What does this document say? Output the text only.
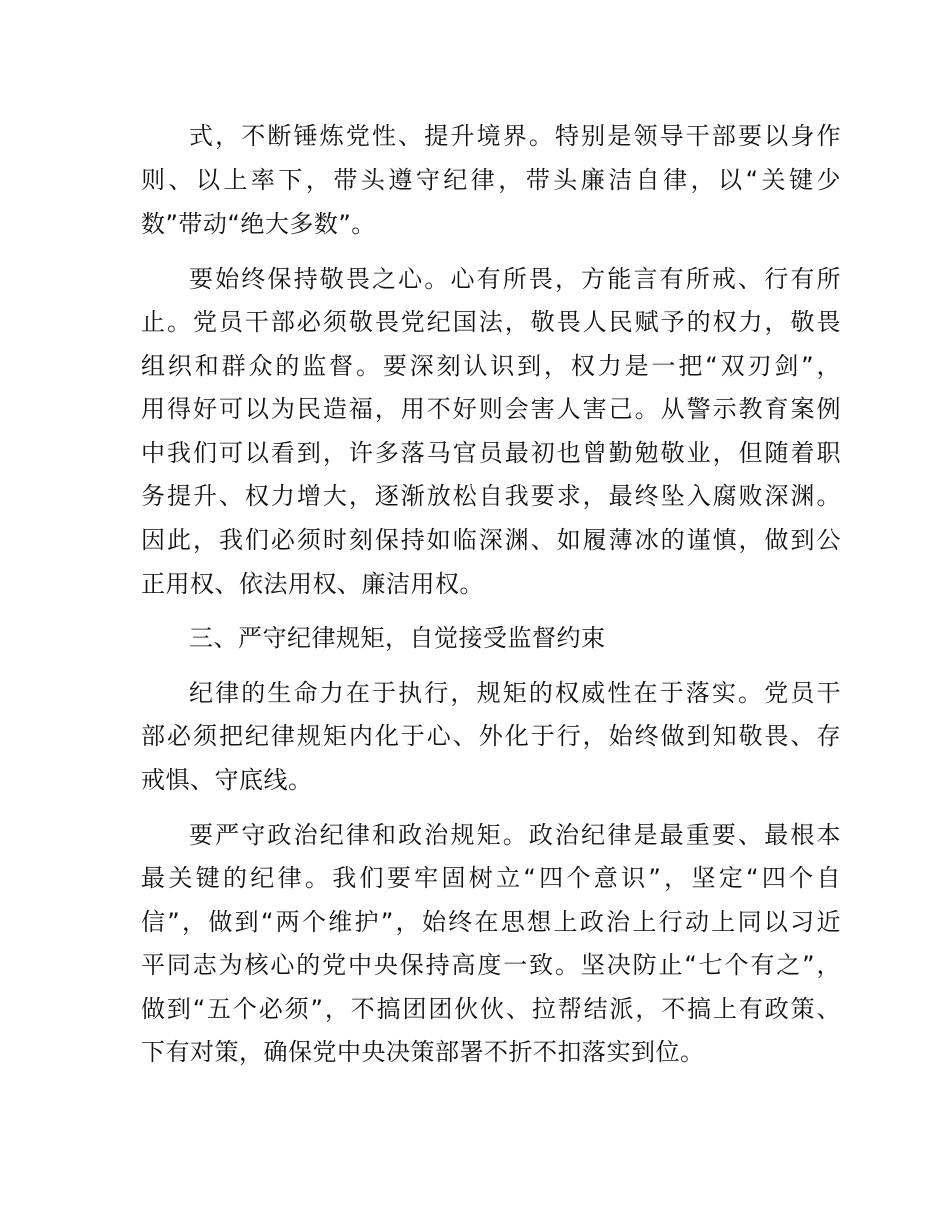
式，不断锤炼党性、提升境界。特别是领导干部要以身作
则、以上率下，带头遵守纪律，带头廉洁自律，以“关键少
数”带动“绝大多数”。
要始终保持敬畏之心。心有所畏，方能言有所戒、行有所
止。党员干部必须敬畏党纪国法，敬畏人民赋予的权力，敬畏
组织和群众的监督。要深刻认识到，权力是一把“双刃剑”，
用得好可以为民造福，用不好则会害人害己。从警示教育案例
中我们可以看到，许多落马官员最初也曾勤勉敬业，但随着职
务提升、权力增大，逐渐放松自我要求，最终坠入腐败深渊。
因此，我们必须时刻保持如临深渊、如履薄冰的谨慎，做到公
正用权、依法用权、廉洁用权。
三、严守纪律规矩，自觉接受监督约束
纪律的生命力在于执行，规矩的权威性在于落实。党员干
部必须把纪律规矩内化于心、外化于行，始终做到知敬畏、存
戒惧、守底线。
要严守政治纪律和政治规矩。政治纪律是最重要、最根本
最关键的纪律。我们要牢固树立“四个意识”，坚定“四个自
信”，做到“两个维护”，始终在思想上政治上行动上同以习近
平同志为核心的党中央保持高度一致。坚决防止“七个有之”，
做到“五个必须”，不搞团团伙伙、拉帮结派，不搞上有政策、
下有对策，确保党中央决策部署不折不扣落实到位。
